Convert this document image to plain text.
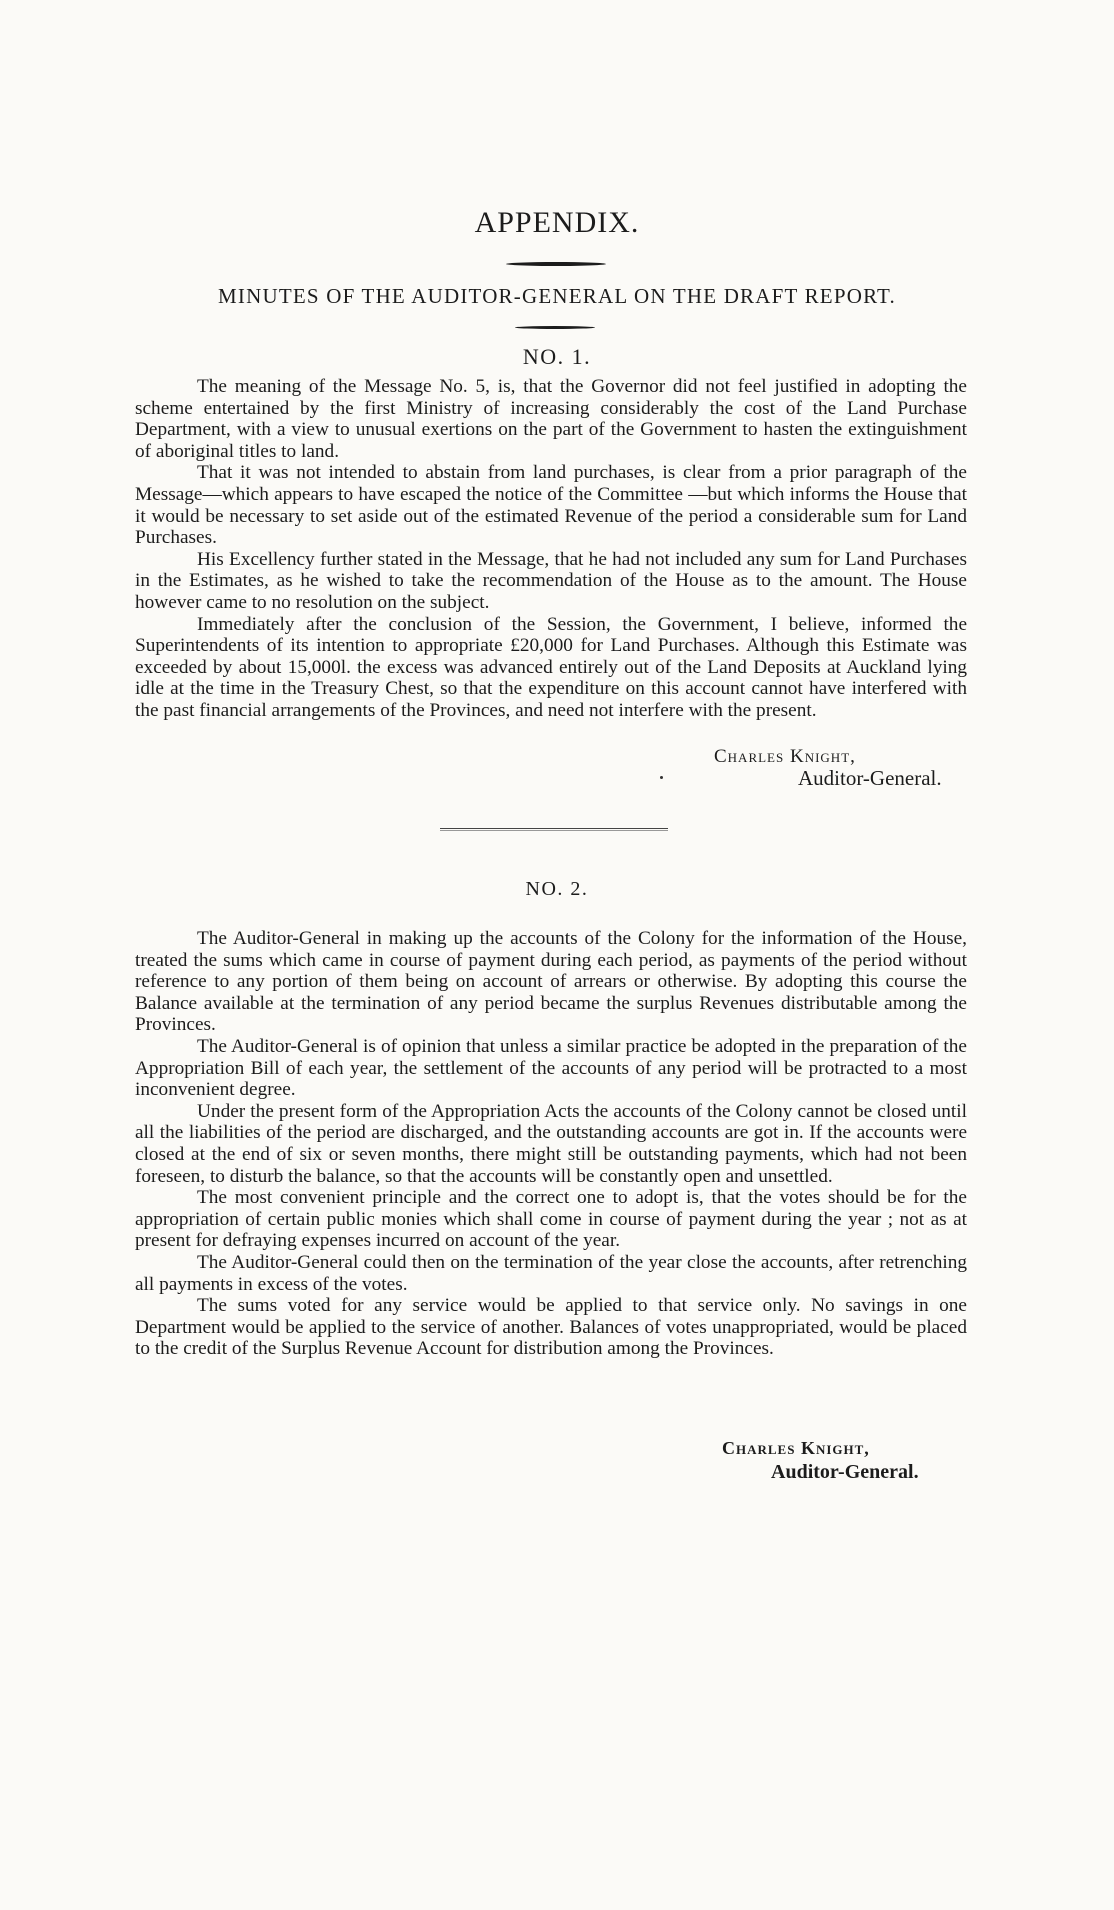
APPENDIX.
MINUTES OF THE AUDITOR-GENERAL ON THE DRAFT REPORT.
NO. 1.

The meaning of the Message No. 5, is, that the Governor did not feel justified in adopting the scheme entertained by the first Ministry of increasing considerably the cost of the Land Purchase Department, with a view to unusual exertions on the part of the Government to hasten the extinguishment of aboriginal titles to land.

That it was not intended to abstain from land purchases, is clear from a prior paragraph of the Message—which appears to have escaped the notice of the Committee —but which informs the House that it would be necessary to set aside out of the estimated Revenue of the period a considerable sum for Land Purchases.

His Excellency further stated in the Message, that he had not included any sum for Land Purchases in the Estimates, as he wished to take the recommendation of the House as to the amount. The House however came to no resolution on the subject.

Immediately after the conclusion of the Session, the Government, I believe, informed the Superintendents of its intention to appropriate £20,000 for Land Purchases. Although this Estimate was exceeded by about 15,000l. the excess was advanced entirely out of the Land Deposits at Auckland lying idle at the time in the Treasury Chest, so that the expenditure on this account cannot have interfered with the past financial arrangements of the Provinces, and need not interfere with the present.

Charles Knight,
Auditor-General.
NO. 2.

The Auditor-General in making up the accounts of the Colony for the information of the House, treated the sums which came in course of payment during each period, as payments of the period without reference to any portion of them being on account of arrears or otherwise. By adopting this course the Balance available at the termination of any period became the surplus Revenues distributable among the Provinces.

The Auditor-General is of opinion that unless a similar practice be adopted in the preparation of the Appropriation Bill of each year, the settlement of the accounts of any period will be protracted to a most inconvenient degree.

Under the present form of the Appropriation Acts the accounts of the Colony cannot be closed until all the liabilities of the period are discharged, and the outstanding accounts are got in. If the accounts were closed at the end of six or seven months, there might still be outstanding payments, which had not been foreseen, to disturb the balance, so that the accounts will be constantly open and unsettled.

The most convenient principle and the correct one to adopt is, that the votes should be for the appropriation of certain public monies which shall come in course of payment during the year ; not as at present for defraying expenses incurred on account of the year.

The Auditor-General could then on the termination of the year close the accounts, after retrenching all payments in excess of the votes.

The sums voted for any service would be applied to that service only. No savings in one Department would be applied to the service of another. Balances of votes unappropriated, would be placed to the credit of the Surplus Revenue Account for distribution among the Provinces.

Charles Knight,
Auditor-General.
